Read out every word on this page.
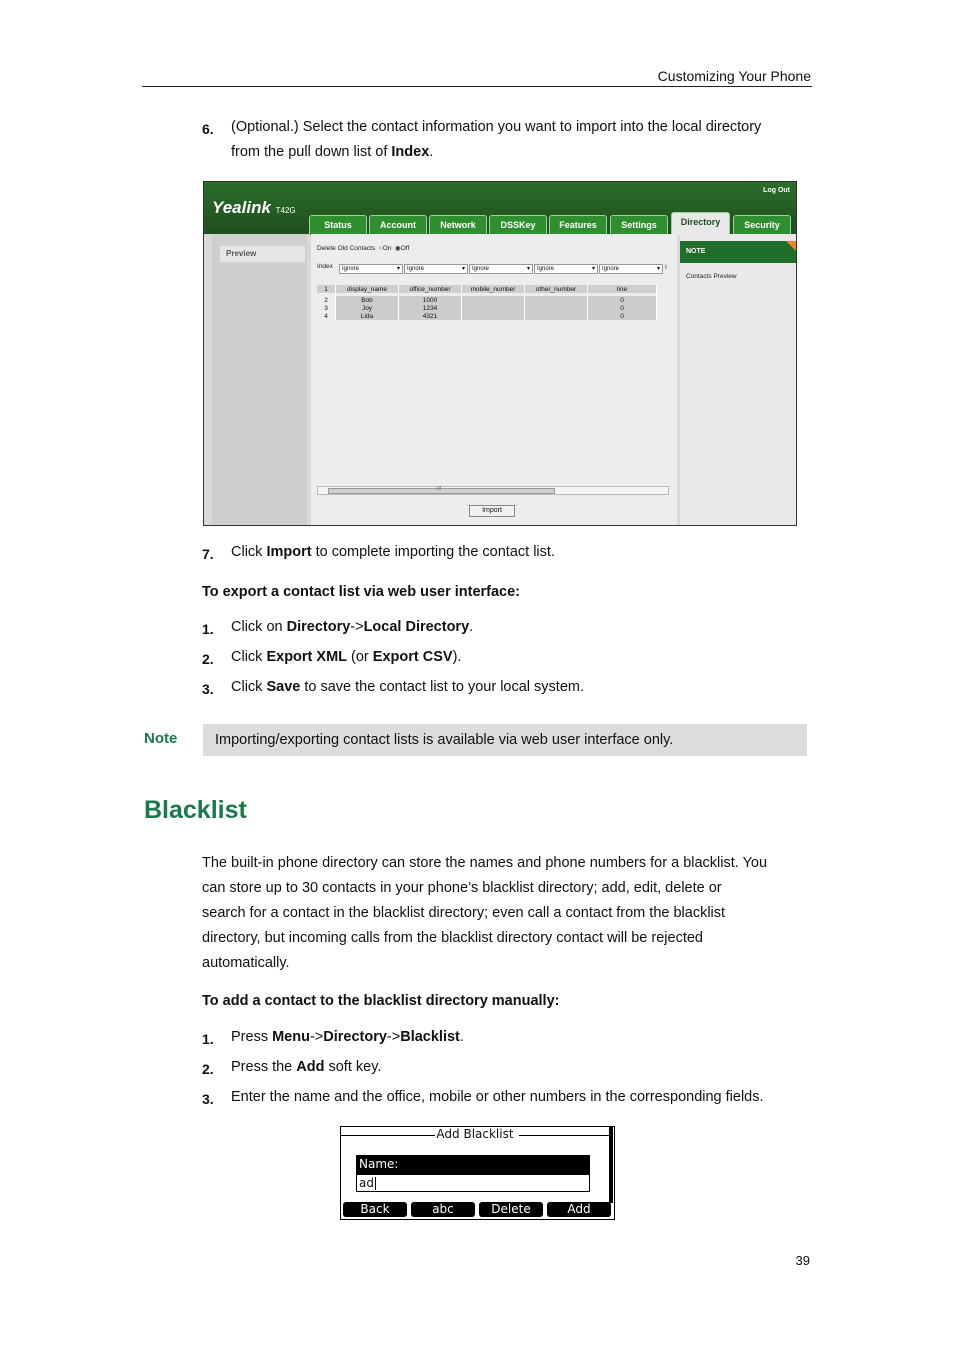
Customizing Your Phone
6. (Optional.) Select the contact information you want to import into the local directory
from the pull down list of Index.
Yealink T42G
Log Out
Status	Account	Network	DSSKey	Features	Settings	Directory	Security
Preview
Delete Old Contacts ○On ◉Off
Index	Ignore	▾	Ignore	▾	Ignore	▾	Ignore	▾	Ignore	▾ I
1	display_name	office_number	mobile_number	other_number	line

2	Bob	1000			0
3	Joy	1234			0
4	Lida	4321			0
III
Import
NOTE
Contacts Preview
7. Click Import to complete importing the contact list.
To export a contact list via web user interface:
1. Click on Directory->Local Directory.
2. Click Export XML (or Export CSV).
3. Click Save to save the contact list to your local system.
Note	Importing/exporting contact lists is available via web user interface only.
Blacklist
The built-in phone directory can store the names and phone numbers for a blacklist. You
can store up to 30 contacts in your phone’s blacklist directory; add, edit, delete or
search for a contact in the blacklist directory; even call a contact from the blacklist
directory, but incoming calls from the blacklist directory contact will be rejected
automatically.
To add a contact to the blacklist directory manually:
1. Press Menu->Directory->Blacklist.
2. Press the Add soft key.
3. Enter the name and the office, mobile or other numbers in the corresponding fields.
Add Blacklist
Name:
ad
Back	abc	Delete	Add
39
